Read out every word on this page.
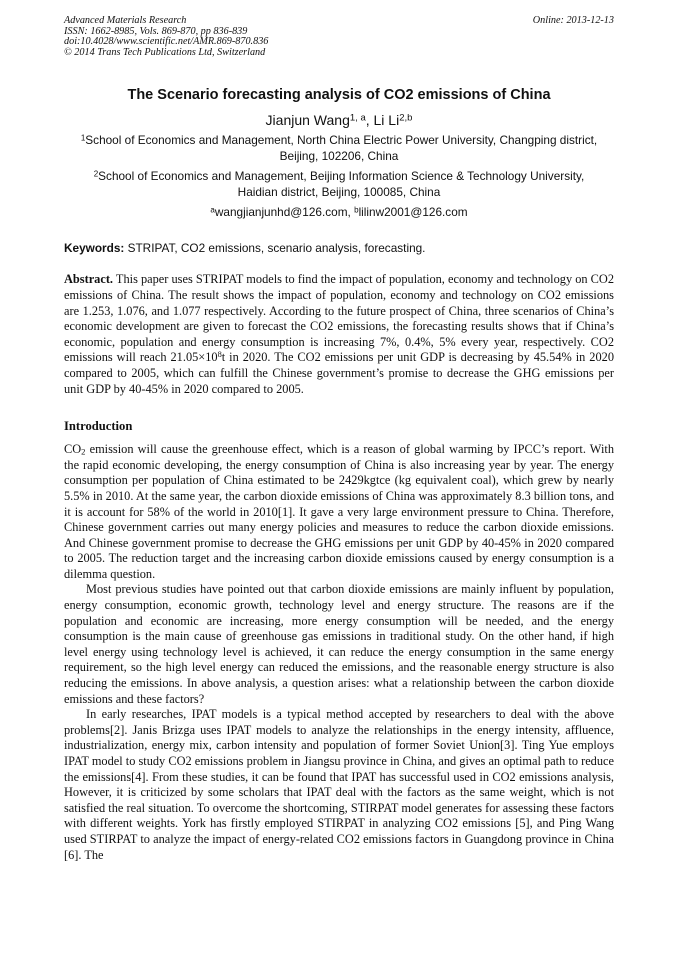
Advanced Materials Research
ISSN: 1662-8985, Vols. 869-870, pp 836-839
doi:10.4028/www.scientific.net/AMR.869-870.836
© 2014 Trans Tech Publications Ltd, Switzerland
Online: 2013-12-13
The Scenario forecasting analysis of CO2 emissions of China
Jianjun Wang$^{1, a}$, Li Li$^{2,b}$
$^1$School of Economics and Management, North China Electric Power University, Changping district, Beijing, 102206, China
$^2$School of Economics and Management, Beijing Information Science & Technology University,
Haidian district, Beijing, 100085, China
$^a$wangjianjunhd@126.com, $^b$lilinw2001@126.com
Keywords: STRIPAT, CO2 emissions, scenario analysis, forecasting.
Abstract. This paper uses STRIPAT models to find the impact of population, economy and technology on CO2 emissions of China. The result shows the impact of population, economy and technology on CO2 emissions are 1.253, 1.076, and 1.077 respectively. According to the future prospect of China, three scenarios of China’s economic development are given to forecast the CO2 emissions, the forecasting results shows that if China’s economic, population and energy consumption is increasing 7%, 0.4%, 5% every year, respectively. CO2 emissions will reach $21.05\times 10^8t$ in 2020. The CO2 emissions per unit GDP is decreasing by 45.54% in 2020 compared to 2005, which can fulfill the Chinese government’s promise to decrease the GHG emissions per unit GDP by 40-45% in 2020 compared to 2005.
Introduction
$CO_2$ emission will cause the greenhouse effect, which is a reason of global warming by IPCC’s report. With the rapid economic developing, the energy consumption of China is also increasing year by year. The energy consumption per population of China estimated to be 2429kgtce (kg equivalent coal), which grew by nearly 5.5% in 2010. At the same year, the carbon dioxide emissions of China was approximately 8.3 billion tons, and it is account for 58% of the world in 2010[1]. It gave a very large environment pressure to China. Therefore, Chinese government carries out many energy policies and measures to reduce the carbon dioxide emissions. And Chinese government promise to decrease the GHG emissions per unit GDP by 40-45% in 2020 compared to 2005. The reduction target and the increasing carbon dioxide emissions caused by energy consumption is a dilemma question.
Most previous studies have pointed out that carbon dioxide emissions are mainly influent by population, energy consumption, economic growth, technology level and energy structure. The reasons are if the population and economic are increasing, more energy consumption will be needed, and the energy consumption is the main cause of greenhouse gas emissions in traditional study. On the other hand, if high level energy using technology level is achieved, it can reduce the energy consumption in the same energy requirement, so the high level energy can reduced the emissions, and the reasonable energy structure is also reducing the emissions. In above analysis, a question arises: what a relationship between the carbon dioxide emissions and these factors?
In early researches, IPAT models is a typical method accepted by researchers to deal with the above problems[2]. Janis Brizga uses IPAT models to analyze the relationships in the energy intensity, affluence, industrialization, energy mix, carbon intensity and population of former Soviet Union[3]. Ting Yue employs IPAT model to study CO2 emissions problem in Jiangsu province in China, and gives an optimal path to reduce the emissions[4]. From these studies, it can be found that IPAT has successful used in CO2 emissions analysis, However, it is criticized by some scholars that IPAT deal with the factors as the same weight, which is not satisfied the real situation. To overcome the shortcoming, STIRPAT model generates for assessing these factors with different weights. York has firstly employed STIRPAT in analyzing CO2 emissions [5], and Ping Wang used STIRPAT to analyze the impact of energy-related CO2 emissions factors in Guangdong province in China [6]. The
